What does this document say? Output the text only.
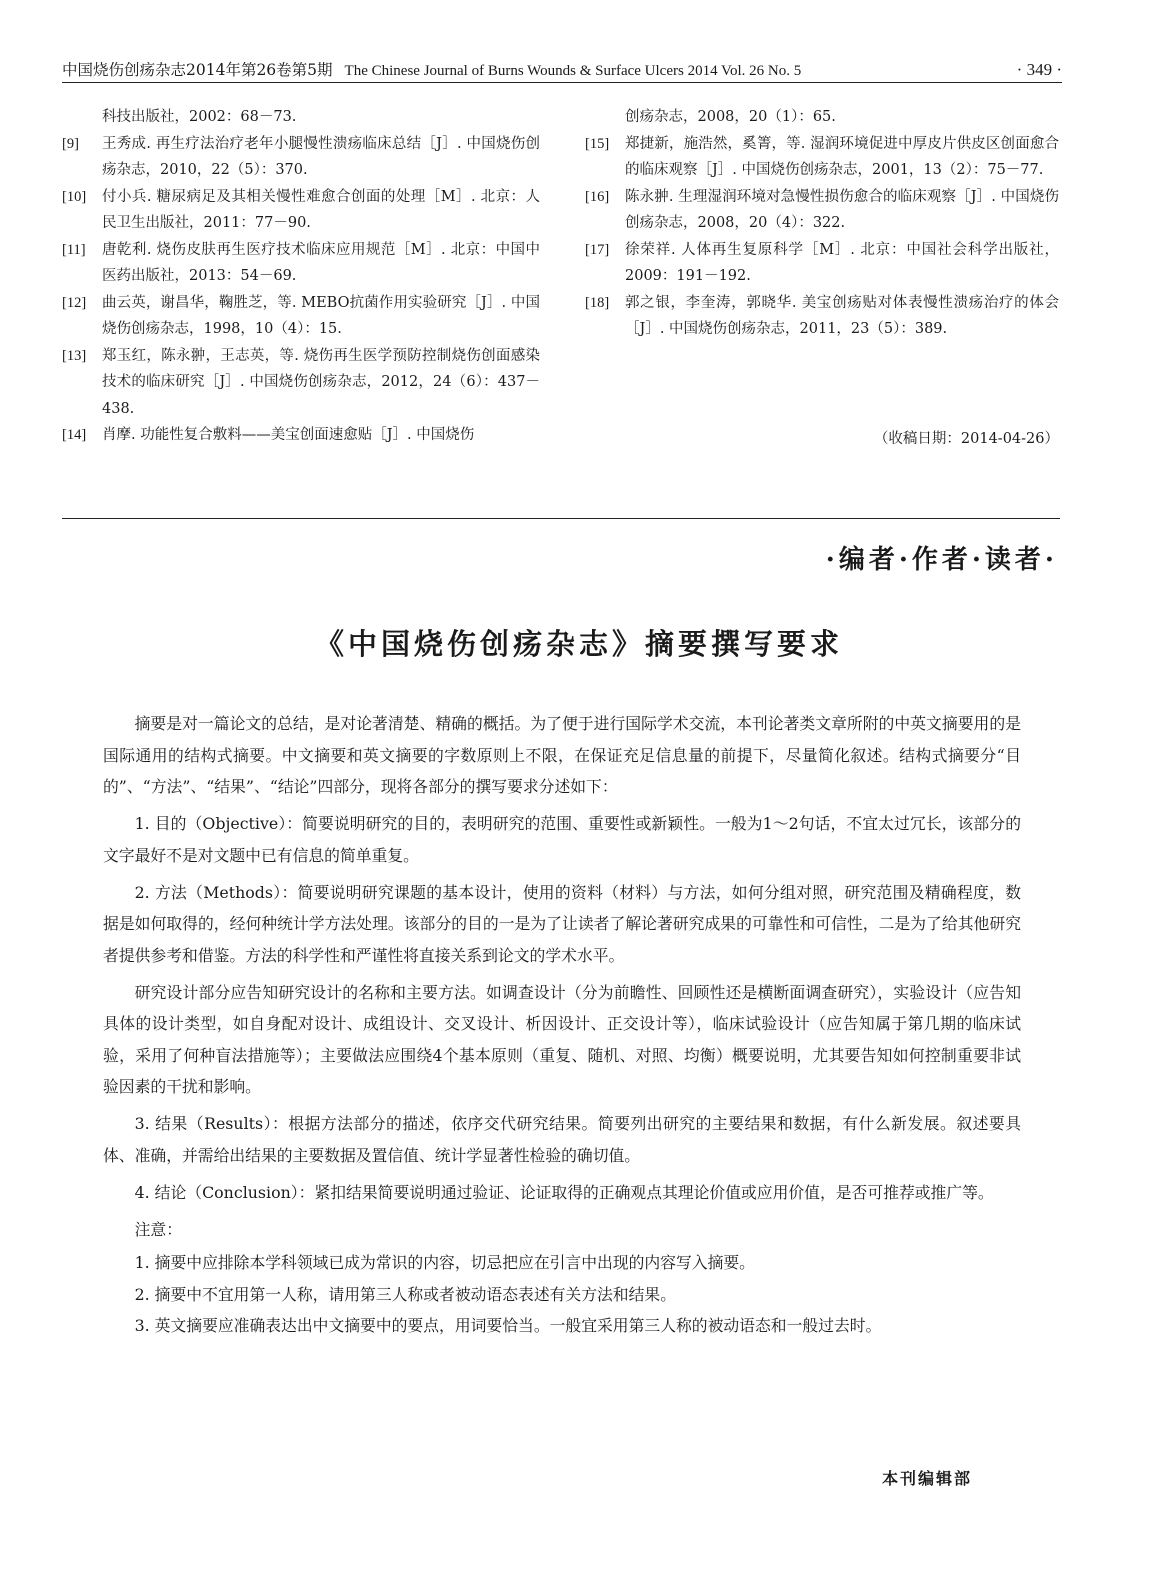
中国烧伤创疡杂志2014年第26卷第5期 The Chinese Journal of Burns Wounds & Surface Ulcers 2014 Vol. 26 No. 5	· 349 ·
科技出版社，2002：68－73.
[9]	王秀成. 再生疗法治疗老年小腿慢性溃疡临床总结［J］. 中国烧伤创疡杂志，2010，22（5）：370.
[10]	付小兵. 糖尿病足及其相关慢性难愈合创面的处理［M］. 北京：人民卫生出版社，2011：77－90.
[11]	唐乾利. 烧伤皮肤再生医疗技术临床应用规范［M］. 北京：中国中医药出版社，2013：54－69.
[12]	曲云英，谢昌华，鞠胜芝，等. MEBO抗菌作用实验研究［J］. 中国烧伤创疡杂志，1998，10（4）：15.
[13]	郑玉红，陈永翀，王志英，等. 烧伤再生医学预防控制烧伤创面感染技术的临床研究［J］. 中国烧伤创疡杂志，2012，24（6）：437－438.
[14]	肖摩. 功能性复合敷料——美宝创面速愈贴［J］. 中国烧伤
创疡杂志，2008，20（1）：65.
[15]	郑捷新，施浩然，奚箐，等. 湿润环境促进中厚皮片供皮区创面愈合的临床观察［J］. 中国烧伤创疡杂志，2001，13（2）：75－77.
[16]	陈永翀. 生理湿润环境对急慢性损伤愈合的临床观察［J］. 中国烧伤创疡杂志，2008，20（4）：322.
[17]	徐荣祥. 人体再生复原科学［M］. 北京：中国社会科学出版社，2009：191－192.
[18]	郭之银，李奎涛，郭晓华. 美宝创疡贴对体表慢性溃疡治疗的体会［J］. 中国烧伤创疡杂志，2011，23（5）：389.
（收稿日期：2014-04-26）
·编者·作者·读者·
《中国烧伤创疡杂志》摘要撰写要求

摘要是对一篇论文的总结，是对论著清楚、精确的概括。为了便于进行国际学术交流，本刊论著类文章所附的中英文摘要用的是国际通用的结构式摘要。中文摘要和英文摘要的字数原则上不限，在保证充足信息量的前提下，尽量简化叙述。结构式摘要分“目的”、“方法”、“结果”、“结论”四部分，现将各部分的撰写要求分述如下：

1. 目的（Objective）：简要说明研究的目的，表明研究的范围、重要性或新颖性。一般为1～2句话，不宜太过冗长，该部分的文字最好不是对文题中已有信息的简单重复。

2. 方法（Methods）：简要说明研究课题的基本设计，使用的资料（材料）与方法，如何分组对照，研究范围及精确程度，数据是如何取得的，经何种统计学方法处理。该部分的目的一是为了让读者了解论著研究成果的可靠性和可信性，二是为了给其他研究者提供参考和借鉴。方法的科学性和严谨性将直接关系到论文的学术水平。

研究设计部分应告知研究设计的名称和主要方法。如调查设计（分为前瞻性、回顾性还是横断面调查研究），实验设计（应告知具体的设计类型，如自身配对设计、成组设计、交叉设计、析因设计、正交设计等），临床试验设计（应告知属于第几期的临床试验，采用了何种盲法措施等）；主要做法应围绕4个基本原则（重复、随机、对照、均衡）概要说明，尤其要告知如何控制重要非试验因素的干扰和影响。

3. 结果（Results）：根据方法部分的描述，依序交代研究结果。简要列出研究的主要结果和数据，有什么新发展。叙述要具体、准确，并需给出结果的主要数据及置信值、统计学显著性检验的确切值。

4. 结论（Conclusion）：紧扣结果简要说明通过验证、论证取得的正确观点其理论价值或应用价值，是否可推荐或推广等。

注意：

1. 摘要中应排除本学科领域已成为常识的内容，切忌把应在引言中出现的内容写入摘要。

2. 摘要中不宜用第一人称，请用第三人称或者被动语态表述有关方法和结果。

3. 英文摘要应准确表达出中文摘要中的要点，用词要恰当。一般宜采用第三人称的被动语态和一般过去时。

本刊编辑部
